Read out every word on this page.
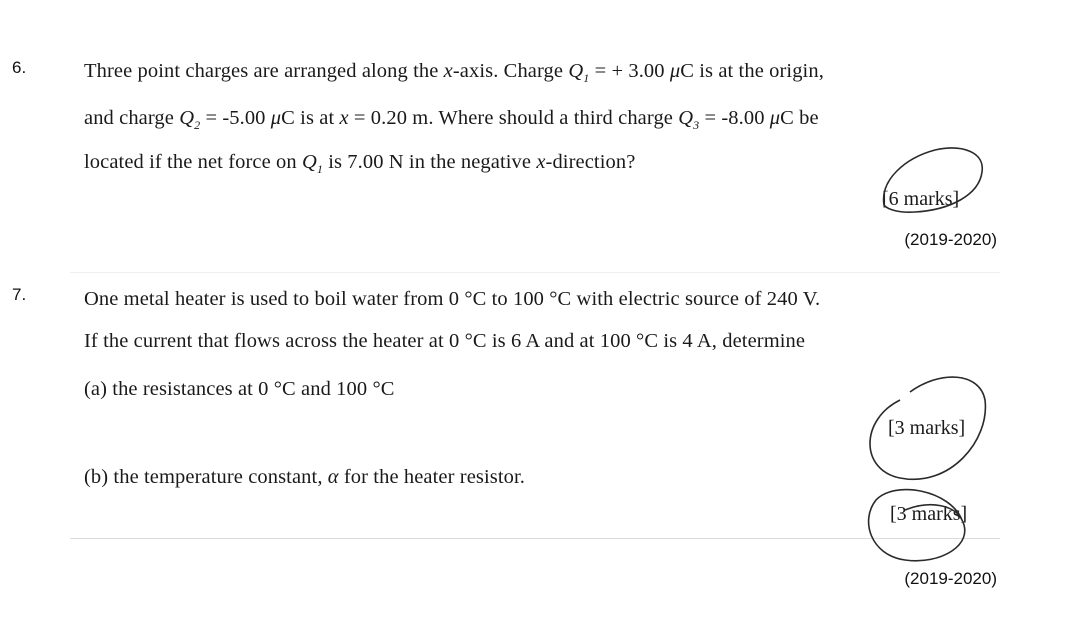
6.	Three point charges are arranged along the x-axis. Charge $Q_1$ = + 3.00 μC is at the origin,
and charge $Q_2 = -5.00$ μC is at x = 0.20 m. Where should a third charge $Q_3 = -8.00$ μC be
located if the net force on $Q_1$ is 7.00 N in the negative x-direction?
[6 marks]
(2019-2020)
7.	One metal heater is used to boil water from 0 °C to 100 °C with electric source of 240 V.
If the current that flows across the heater at 0 °C is 6 A and at 100 °C is 4 A, determine
(a) the resistances at 0 °C and 100 °C
[3 marks]
(b) the temperature constant, α for the heater resistor.
[3 marks]
(2019-2020)
